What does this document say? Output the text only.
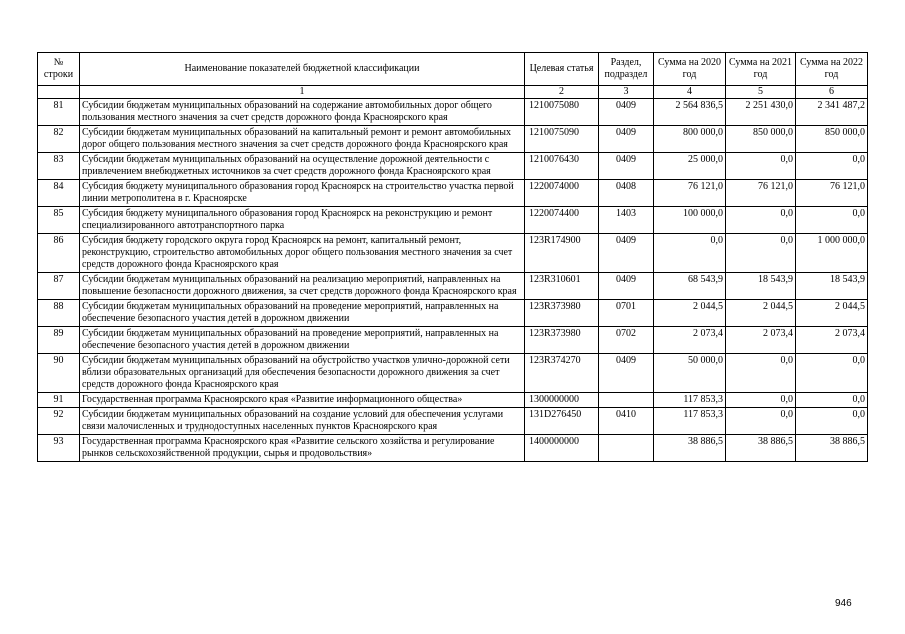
№ строки	Наименование показателей бюджетной классификации	Целевая статья	Раздел, подраздел	Сумма на 2020 год	Сумма на 2021 год	Сумма на 2022 год
	1	2	3	4	5	6
81	Субсидии бюджетам муниципальных образований на содержание автомобильных дорог общего пользования местного значения за счет средств дорожного фонда Красноярского края	1210075080	0409	2 564 836,5	2 251 430,0	2 341 487,2
82	Субсидии бюджетам муниципальных образований на капитальный ремонт и ремонт автомобильных дорог общего пользования местного значения за счет средств дорожного фонда Красноярского края	1210075090	0409	800 000,0	850 000,0	850 000,0
83	Субсидии бюджетам муниципальных образований на осуществление дорожной деятельности с привлечением внебюджетных источников за счет средств дорожного фонда Красноярского края	1210076430	0409	25 000,0	0,0	0,0
84	Субсидия бюджету муниципального образования город Красноярск на строительство участка первой линии метрополитена в г. Красноярске	1220074000	0408	76 121,0	76 121,0	76 121,0
85	Субсидия бюджету муниципального образования город Красноярск на реконструкцию и ремонт специализированного автотранспортного парка	1220074400	1403	100 000,0	0,0	0,0
86	Субсидия бюджету городского округа город Красноярск на ремонт, капитальный ремонт, реконструкцию, строительство автомобильных дорог общего пользования местного значения за счет средств дорожного фонда Красноярского края	123R174900	0409	0,0	0,0	1 000 000,0
87	Субсидии бюджетам муниципальных образований на реализацию мероприятий, направленных на повышение безопасности дорожного движения, за счет средств дорожного фонда Красноярского края	123R310601	0409	68 543,9	18 543,9	18 543,9
88	Субсидии бюджетам муниципальных образований на проведение мероприятий, направленных на обеспечение безопасного участия детей в дорожном движении	123R373980	0701	2 044,5	2 044,5	2 044,5
89	Субсидии бюджетам муниципальных образований на проведение мероприятий, направленных на обеспечение безопасного участия детей в дорожном движении	123R373980	0702	2 073,4	2 073,4	2 073,4
90	Субсидии бюджетам муниципальных образований на обустройство участков улично-дорожной сети вблизи образовательных организаций для обеспечения безопасности дорожного движения за счет средств дорожного фонда Красноярского края	123R374270	0409	50 000,0	0,0	0,0
91	Государственная программа Красноярского края «Развитие информационного общества»	1300000000		117 853,3	0,0	0,0
92	Субсидии бюджетам муниципальных образований на создание условий для обеспечения услугами связи малочисленных и труднодоступных населенных пунктов Красноярского края	131D276450	0410	117 853,3	0,0	0,0
93	Государственная программа Красноярского края «Развитие сельского хозяйства и регулирование рынков сельскохозяйственной продукции, сырья и продовольствия»	1400000000		38 886,5	38 886,5	38 886,5
946
